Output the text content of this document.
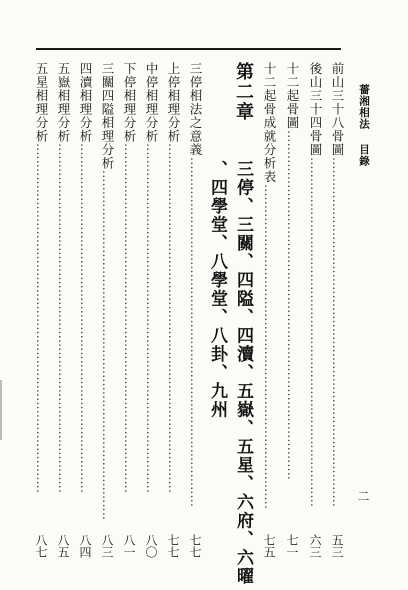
薔湘相法目錄
二
前山三十八骨圖
…………………………………………………………………………
五三
後山三十四骨圖
…………………………………………………………………………
六三
十二起骨圖
…………………………………………………………………………
七一
十二起骨成就分析表
……………………………………………………………………
七五
第二章
三停、三關、四隘、四瀆、五嶽、五星、六府、六曜
、四學堂、八學堂、八卦、九州
三停相法之意義
…………………………………………………………………………
七七
上停相理分析
…………………………………………………………………………
七七
中停相理分析
…………………………………………………………………………
八〇
下停相理分析
…………………………………………………………………………
八一
三關四隘相理分析
…………………………………………………………………………
八三
四瀆相理分析
…………………………………………………………………………
八四
五嶽相理分析
…………………………………………………………………………
八五
五星相理分析
…………………………………………………………………………
八七
